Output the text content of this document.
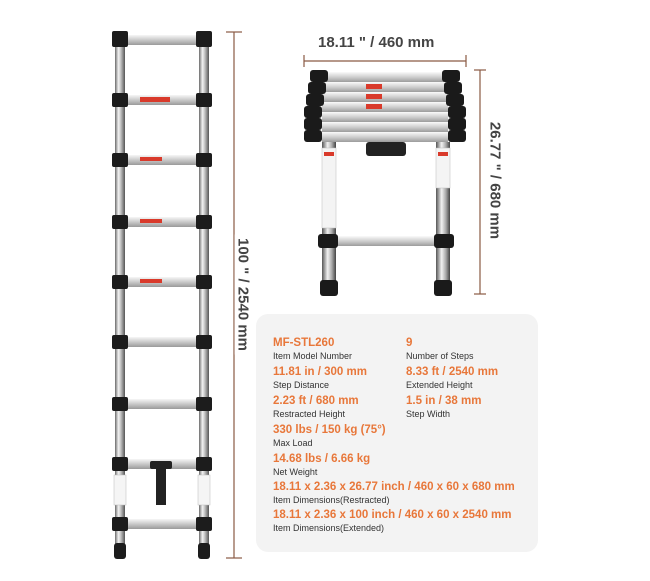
100 " / 2540 mm
18.11 " / 460 mm
26.77 " / 680 mm
MF-STL260
Item Model Number
9
Number of Steps
11.81 in / 300 mm
Step Distance
8.33 ft / 2540 mm
Extended Height
2.23 ft / 680 mm
Restracted Height
1.5 in / 38 mm
Step Width
330 lbs / 150 kg (75°)
Max Load
14.68 lbs / 6.66 kg
Net Weight
18.11 x 2.36 x 26.77 inch / 460 x 60 x 680 mm
Item Dimensions(Restracted)
18.11 x 2.36 x 100 inch / 460 x 60 x 2540 mm
Item Dimensions(Extended)
